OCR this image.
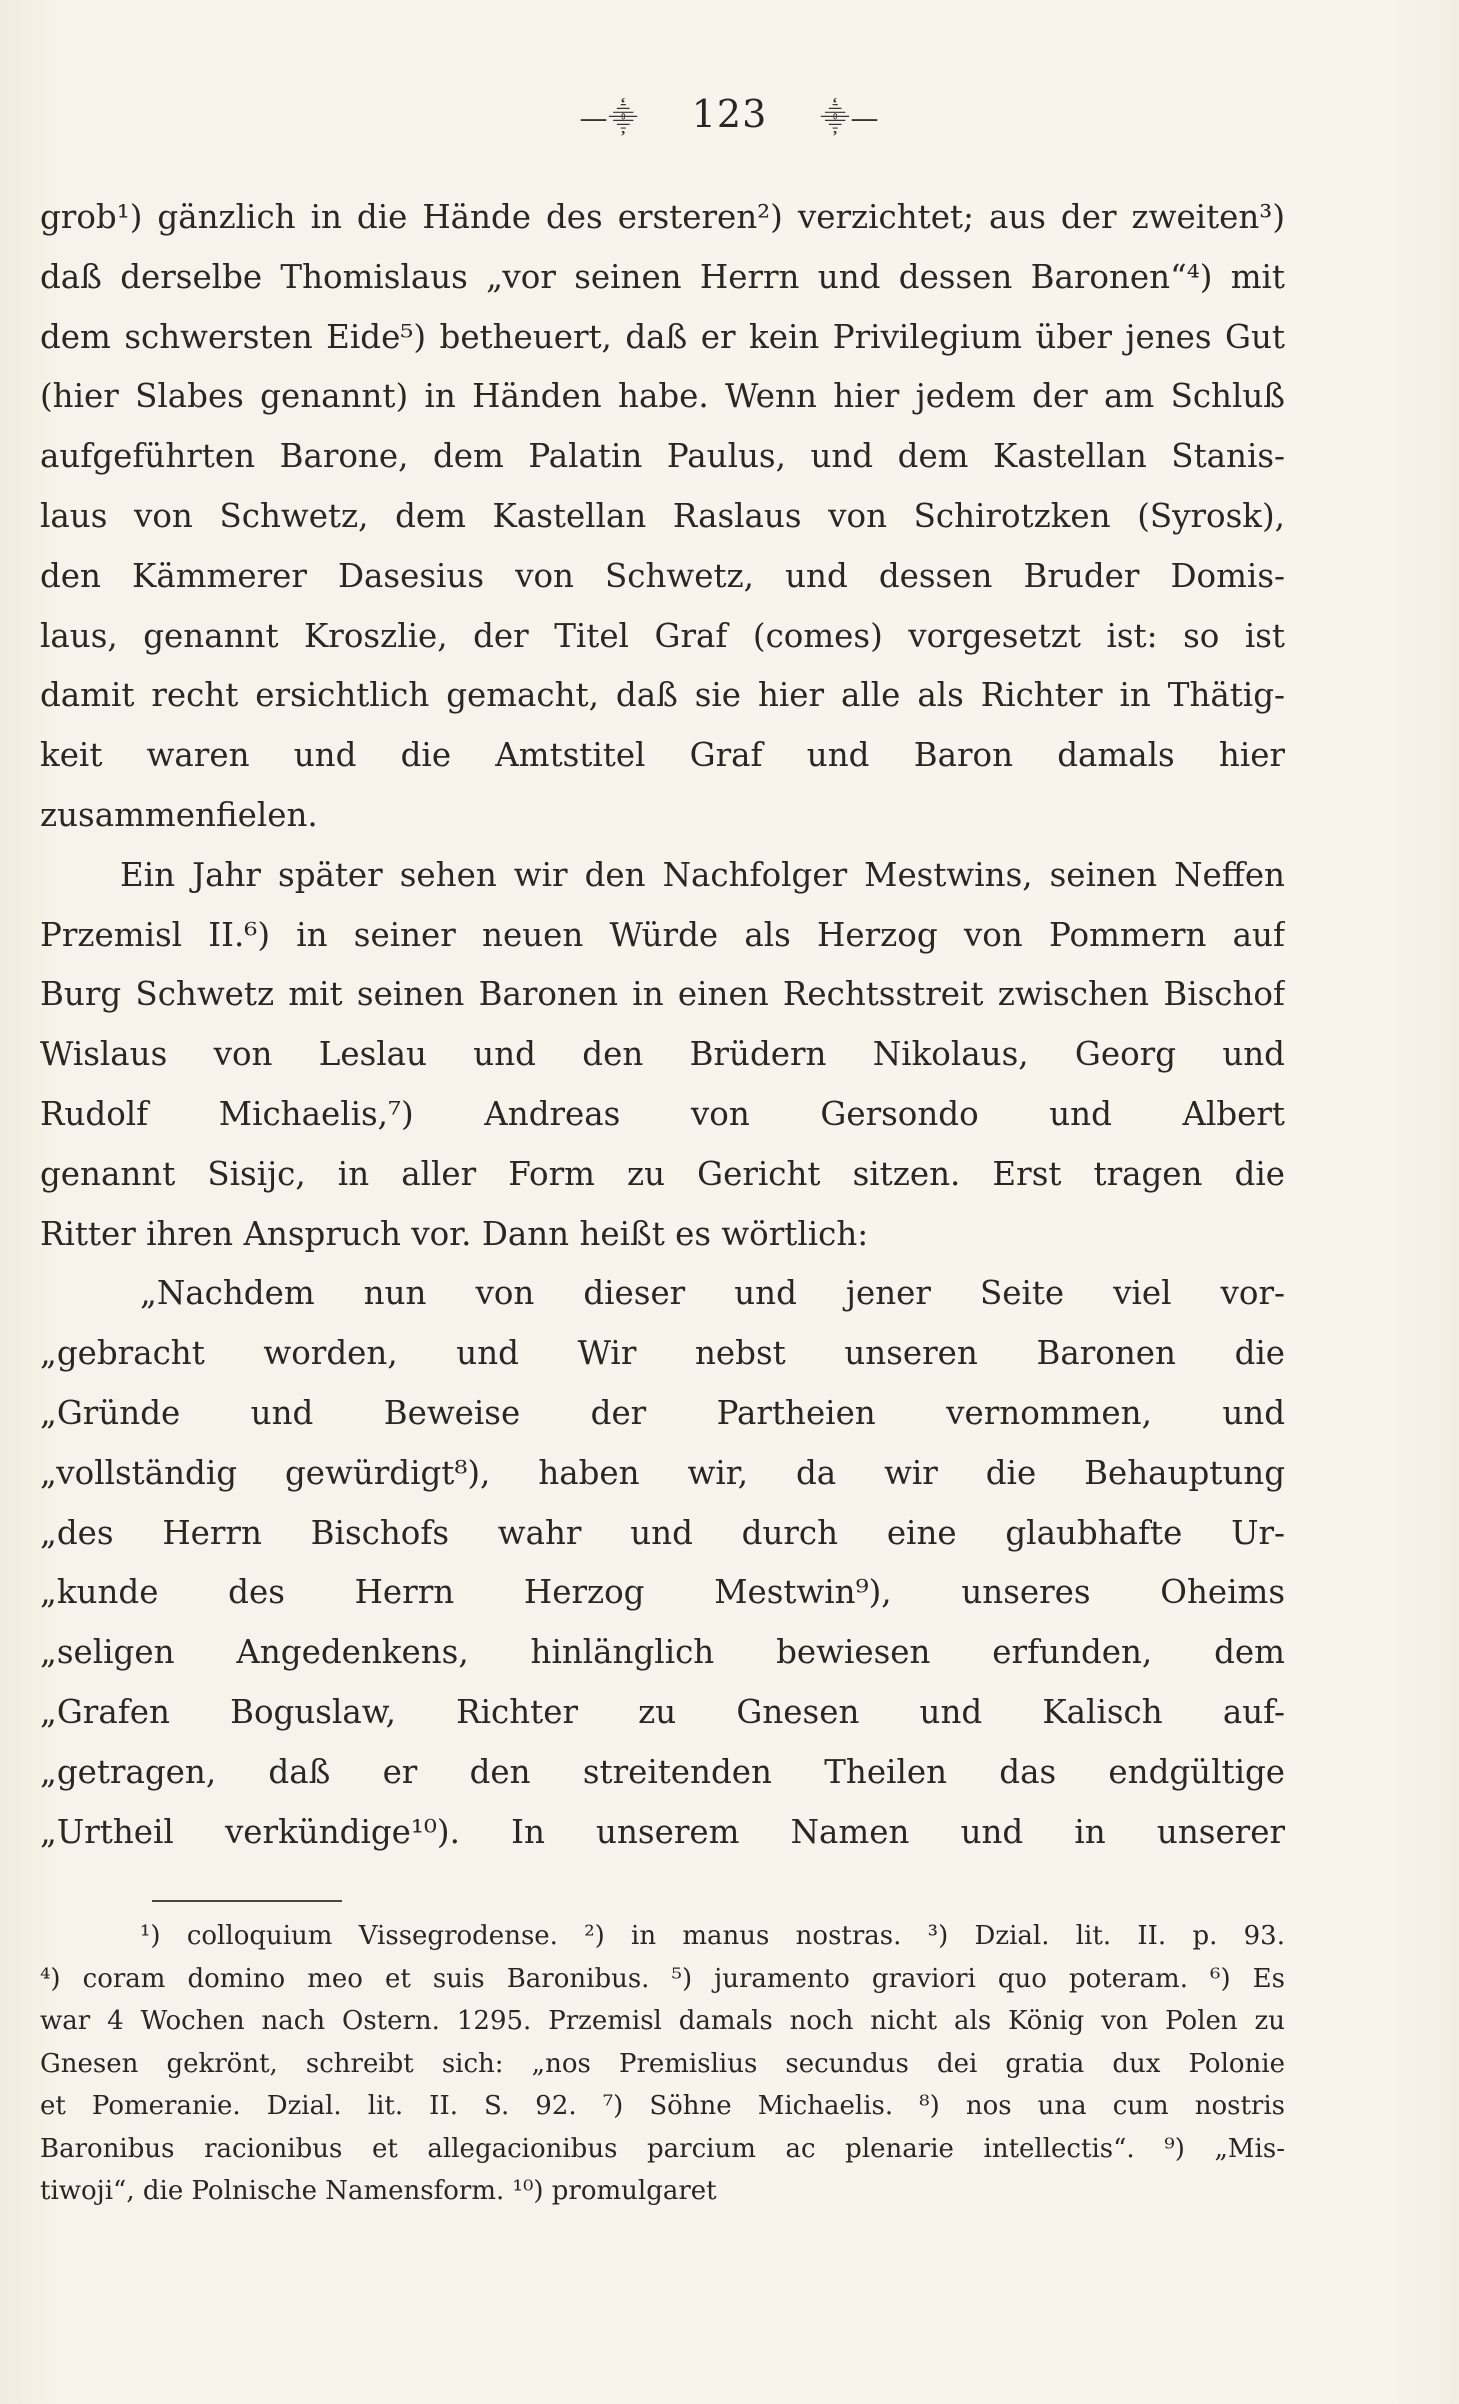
—⸎ 123 ⸎—
grob¹) gänzlich in die Hände des ersteren²) verzichtet; aus der zweiten³)
daß derselbe Thomislaus „vor seinen Herrn und dessen Baronen“⁴) mit
dem schwersten Eide⁵) betheuert, daß er kein Privilegium über jenes Gut
(hier Slabes genannt) in Händen habe. Wenn hier jedem der am Schluß
aufgeführten Barone, dem Palatin Paulus, und dem Kastellan Stanis-
laus von Schwetz, dem Kastellan Raslaus von Schirotzken (Syrosk),
den Kämmerer Dasesius von Schwetz, und dessen Bruder Domis-
laus, genannt Kroszlie, der Titel Graf (comes) vorgesetzt ist: so ist
damit recht ersichtlich gemacht, daß sie hier alle als Richter in Thätig-
keit waren und die Amtstitel Graf und Baron damals hier
zusammenfielen.
Ein Jahr später sehen wir den Nachfolger Mestwins, seinen Neffen
Przemisl II.⁶) in seiner neuen Würde als Herzog von Pommern auf
Burg Schwetz mit seinen Baronen in einen Rechtsstreit zwischen Bischof
Wislaus von Leslau und den Brüdern Nikolaus, Georg und
Rudolf Michaelis,⁷) Andreas von Gersondo und Albert
genannt Sisijc, in aller Form zu Gericht sitzen. Erst tragen die
Ritter ihren Anspruch vor. Dann heißt es wörtlich:
„Nachdem nun von dieser und jener Seite viel vor-
„gebracht worden, und Wir nebst unseren Baronen die
„Gründe und Beweise der Partheien vernommen, und
„vollständig gewürdigt⁸), haben wir, da wir die Behauptung
„des Herrn Bischofs wahr und durch eine glaubhafte Ur-
„kunde des Herrn Herzog Mestwin⁹), unseres Oheims
„seligen Angedenkens, hinlänglich bewiesen erfunden, dem
„Grafen Boguslaw, Richter zu Gnesen und Kalisch auf-
„getragen, daß er den streitenden Theilen das endgültige
„Urtheil verkündige¹⁰). In unserem Namen und in unserer
¹) colloquium Vissegrodense. ²) in manus nostras. ³) Dzial. lit. II. p. 93.
⁴) coram domino meo et suis Baronibus. ⁵) juramento graviori quo poteram. ⁶) Es
war 4 Wochen nach Ostern. 1295. Przemisl damals noch nicht als König von Polen zu
Gnesen gekrönt, schreibt sich: „nos Premislius secundus dei gratia dux Polonie
et Pomeranie. Dzial. lit. II. S. 92. ⁷) Söhne Michaelis. ⁸) nos una cum nostris
Baronibus racionibus et allegacionibus parcium ac plenarie intellectis“. ⁹) „Mis-
tiwoji“, die Polnische Namensform. ¹⁰) promulgaret
